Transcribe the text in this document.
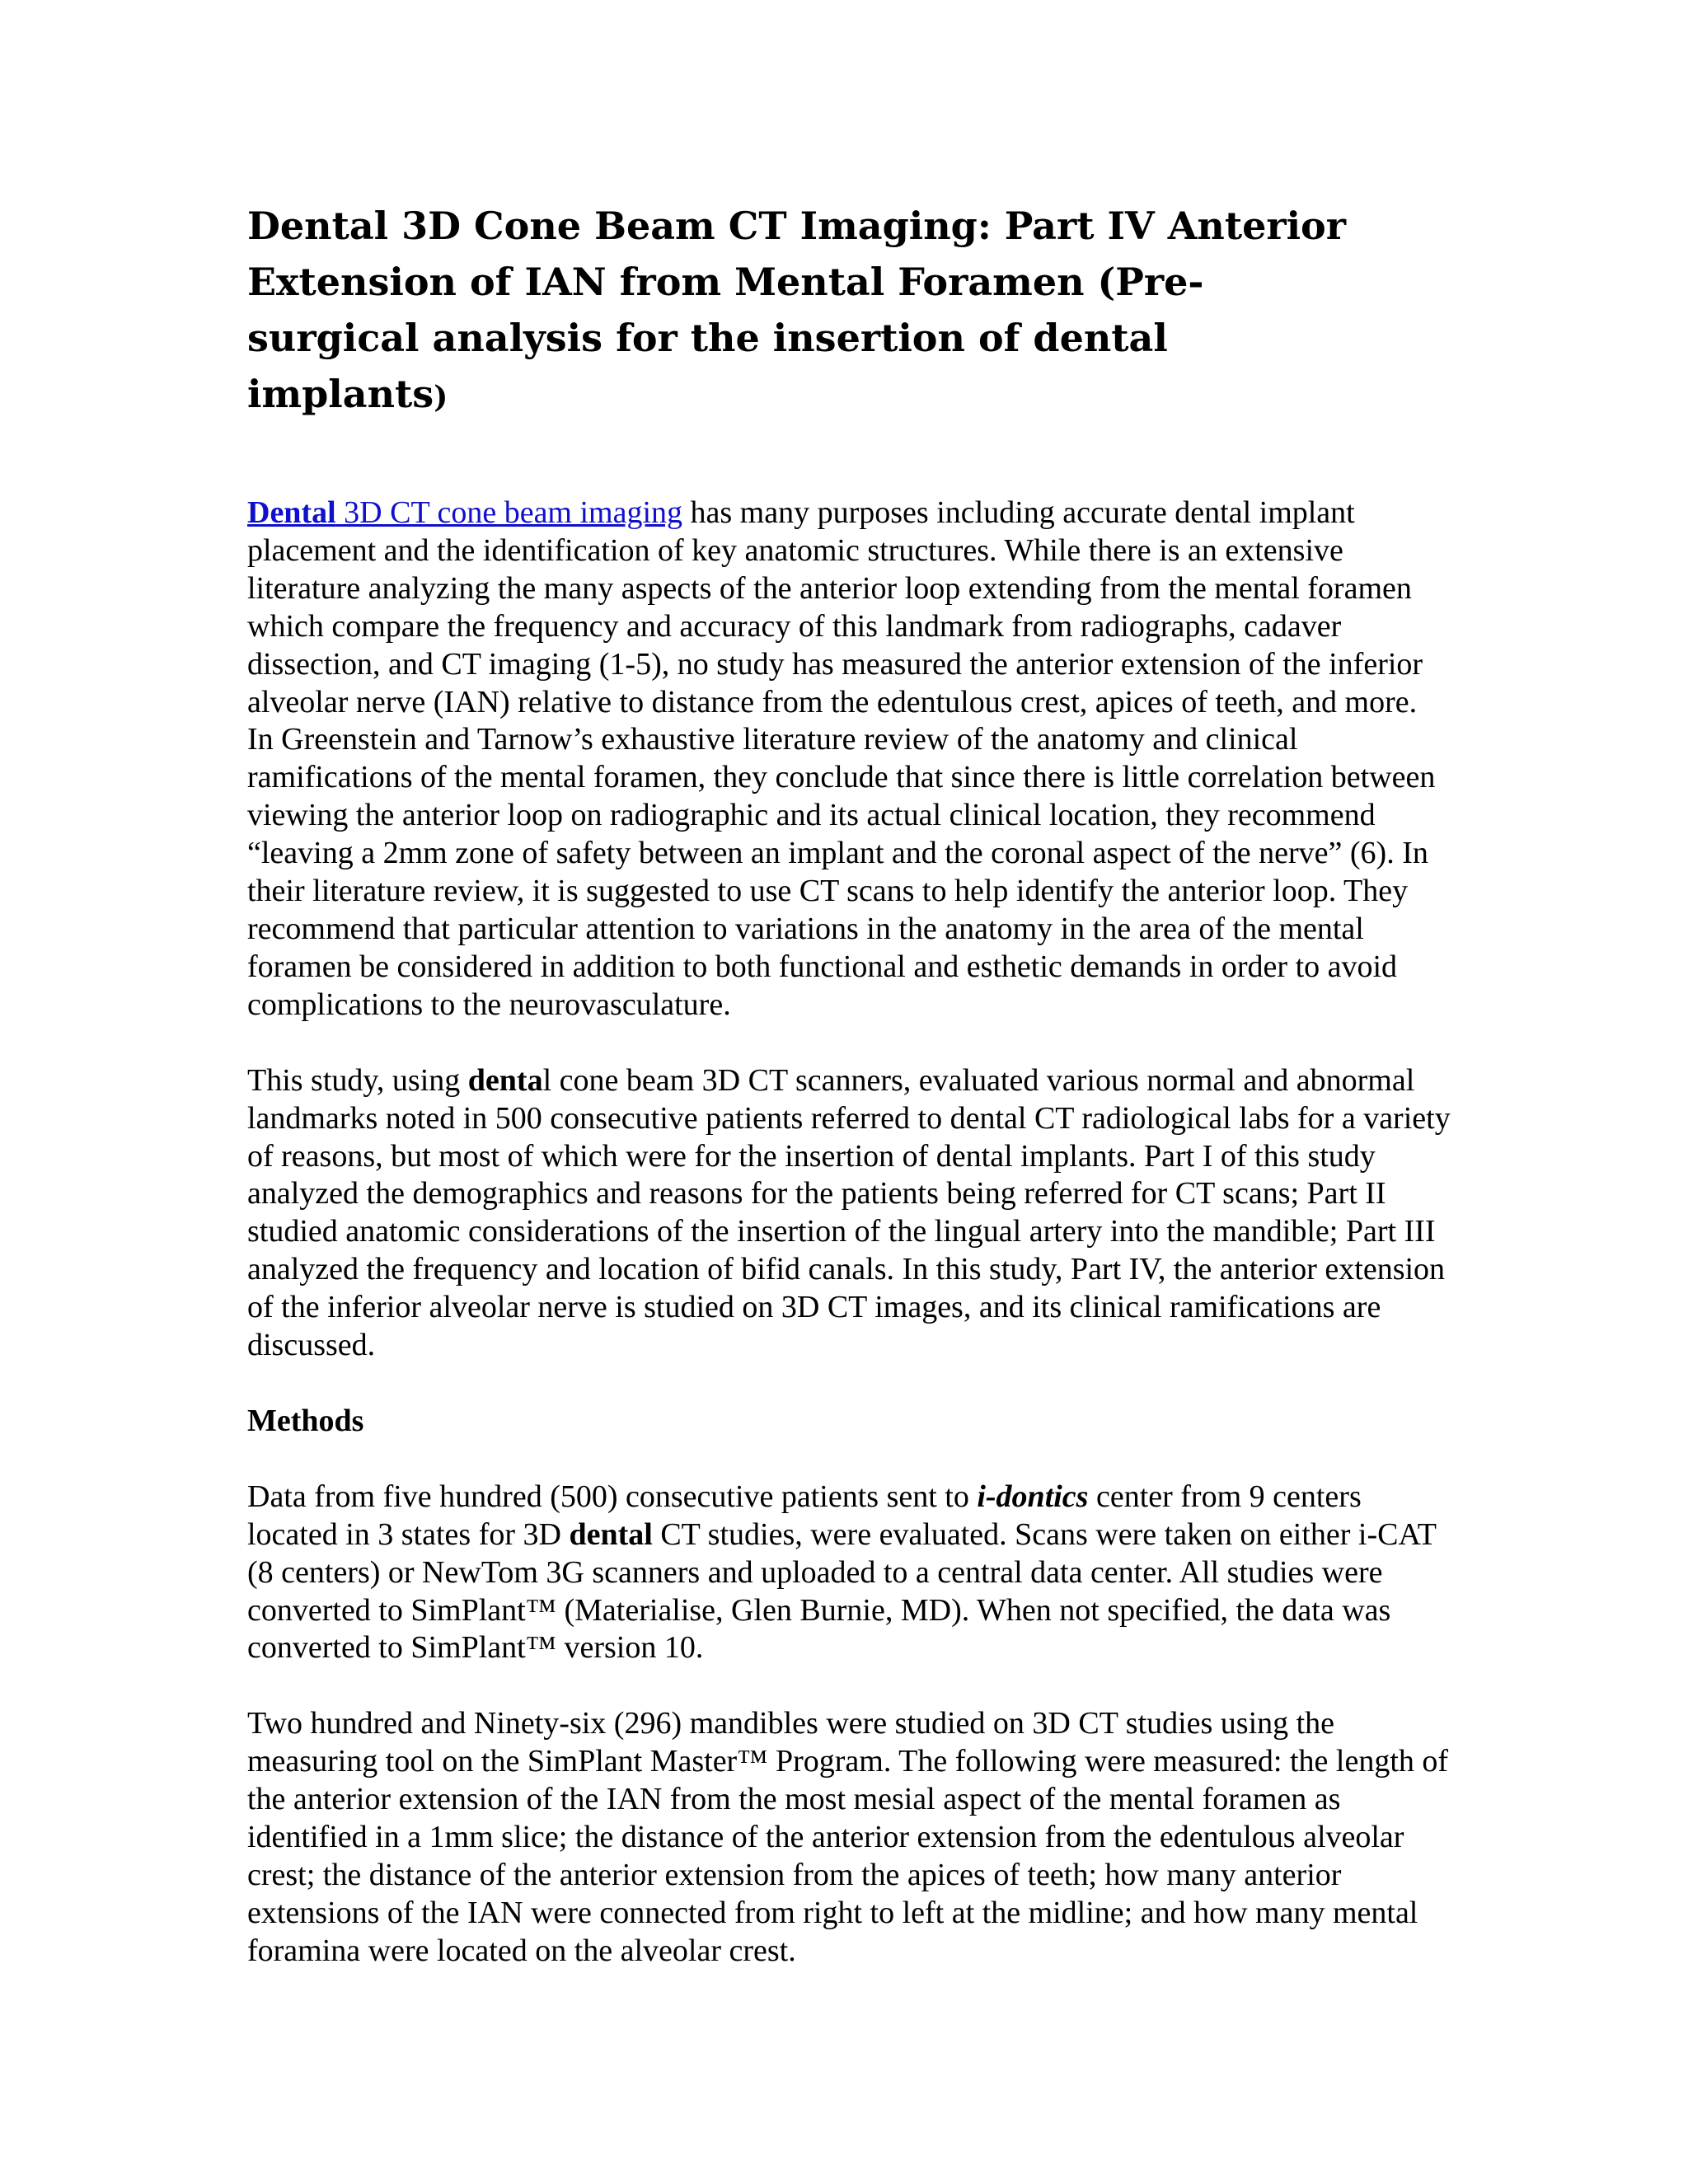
Dental 3D Cone Beam CT Imaging: Part IV Anterior Extension of IAN from Mental Foramen (Pre-surgical analysis for the insertion of dental implants)

Dental 3D CT cone beam imaging has many purposes including accurate dental implant placement and the identification of key anatomic structures. While there is an extensive literature analyzing the many aspects of the anterior loop extending from the mental foramen which compare the frequency and accuracy of this landmark from radiographs, cadaver dissection, and CT imaging (1-5), no study has measured the anterior extension of the inferior alveolar nerve (IAN) relative to distance from the edentulous crest, apices of teeth, and more. In Greenstein and Tarnow’s exhaustive literature review of the anatomy and clinical ramifications of the mental foramen, they conclude that since there is little correlation between viewing the anterior loop on radiographic and its actual clinical location, they recommend “leaving a 2mm zone of safety between an implant and the coronal aspect of the nerve” (6). In their literature review, it is suggested to use CT scans to help identify the anterior loop. They recommend that particular attention to variations in the anatomy in the area of the mental foramen be considered in addition to both functional and esthetic demands in order to avoid complications to the neurovasculature.

This study, using dental cone beam 3D CT scanners, evaluated various normal and abnormal landmarks noted in 500 consecutive patients referred to dental CT radiological labs for a variety of reasons, but most of which were for the insertion of dental implants. Part I of this study analyzed the demographics and reasons for the patients being referred for CT scans; Part II studied anatomic considerations of the insertion of the lingual artery into the mandible; Part III analyzed the frequency and location of bifid canals. In this study, Part IV, the anterior extension of the inferior alveolar nerve is studied on 3D CT images, and its clinical ramifications are discussed.

Methods

Data from five hundred (500) consecutive patients sent to i-dontics center from 9 centers located in 3 states for 3D dental CT studies, were evaluated. Scans were taken on either i-CAT (8 centers) or NewTom 3G scanners and uploaded to a central data center. All studies were converted to SimPlant™ (Materialise, Glen Burnie, MD). When not specified, the data was converted to SimPlant™ version 10.

Two hundred and Ninety-six (296) mandibles were studied on 3D CT studies using the measuring tool on the SimPlant Master™ Program. The following were measured: the length of the anterior extension of the IAN from the most mesial aspect of the mental foramen as identified in a 1mm slice; the distance of the anterior extension from the edentulous alveolar crest; the distance of the anterior extension from the apices of teeth; how many anterior extensions of the IAN were connected from right to left at the midline; and how many mental foramina were located on the alveolar crest.
